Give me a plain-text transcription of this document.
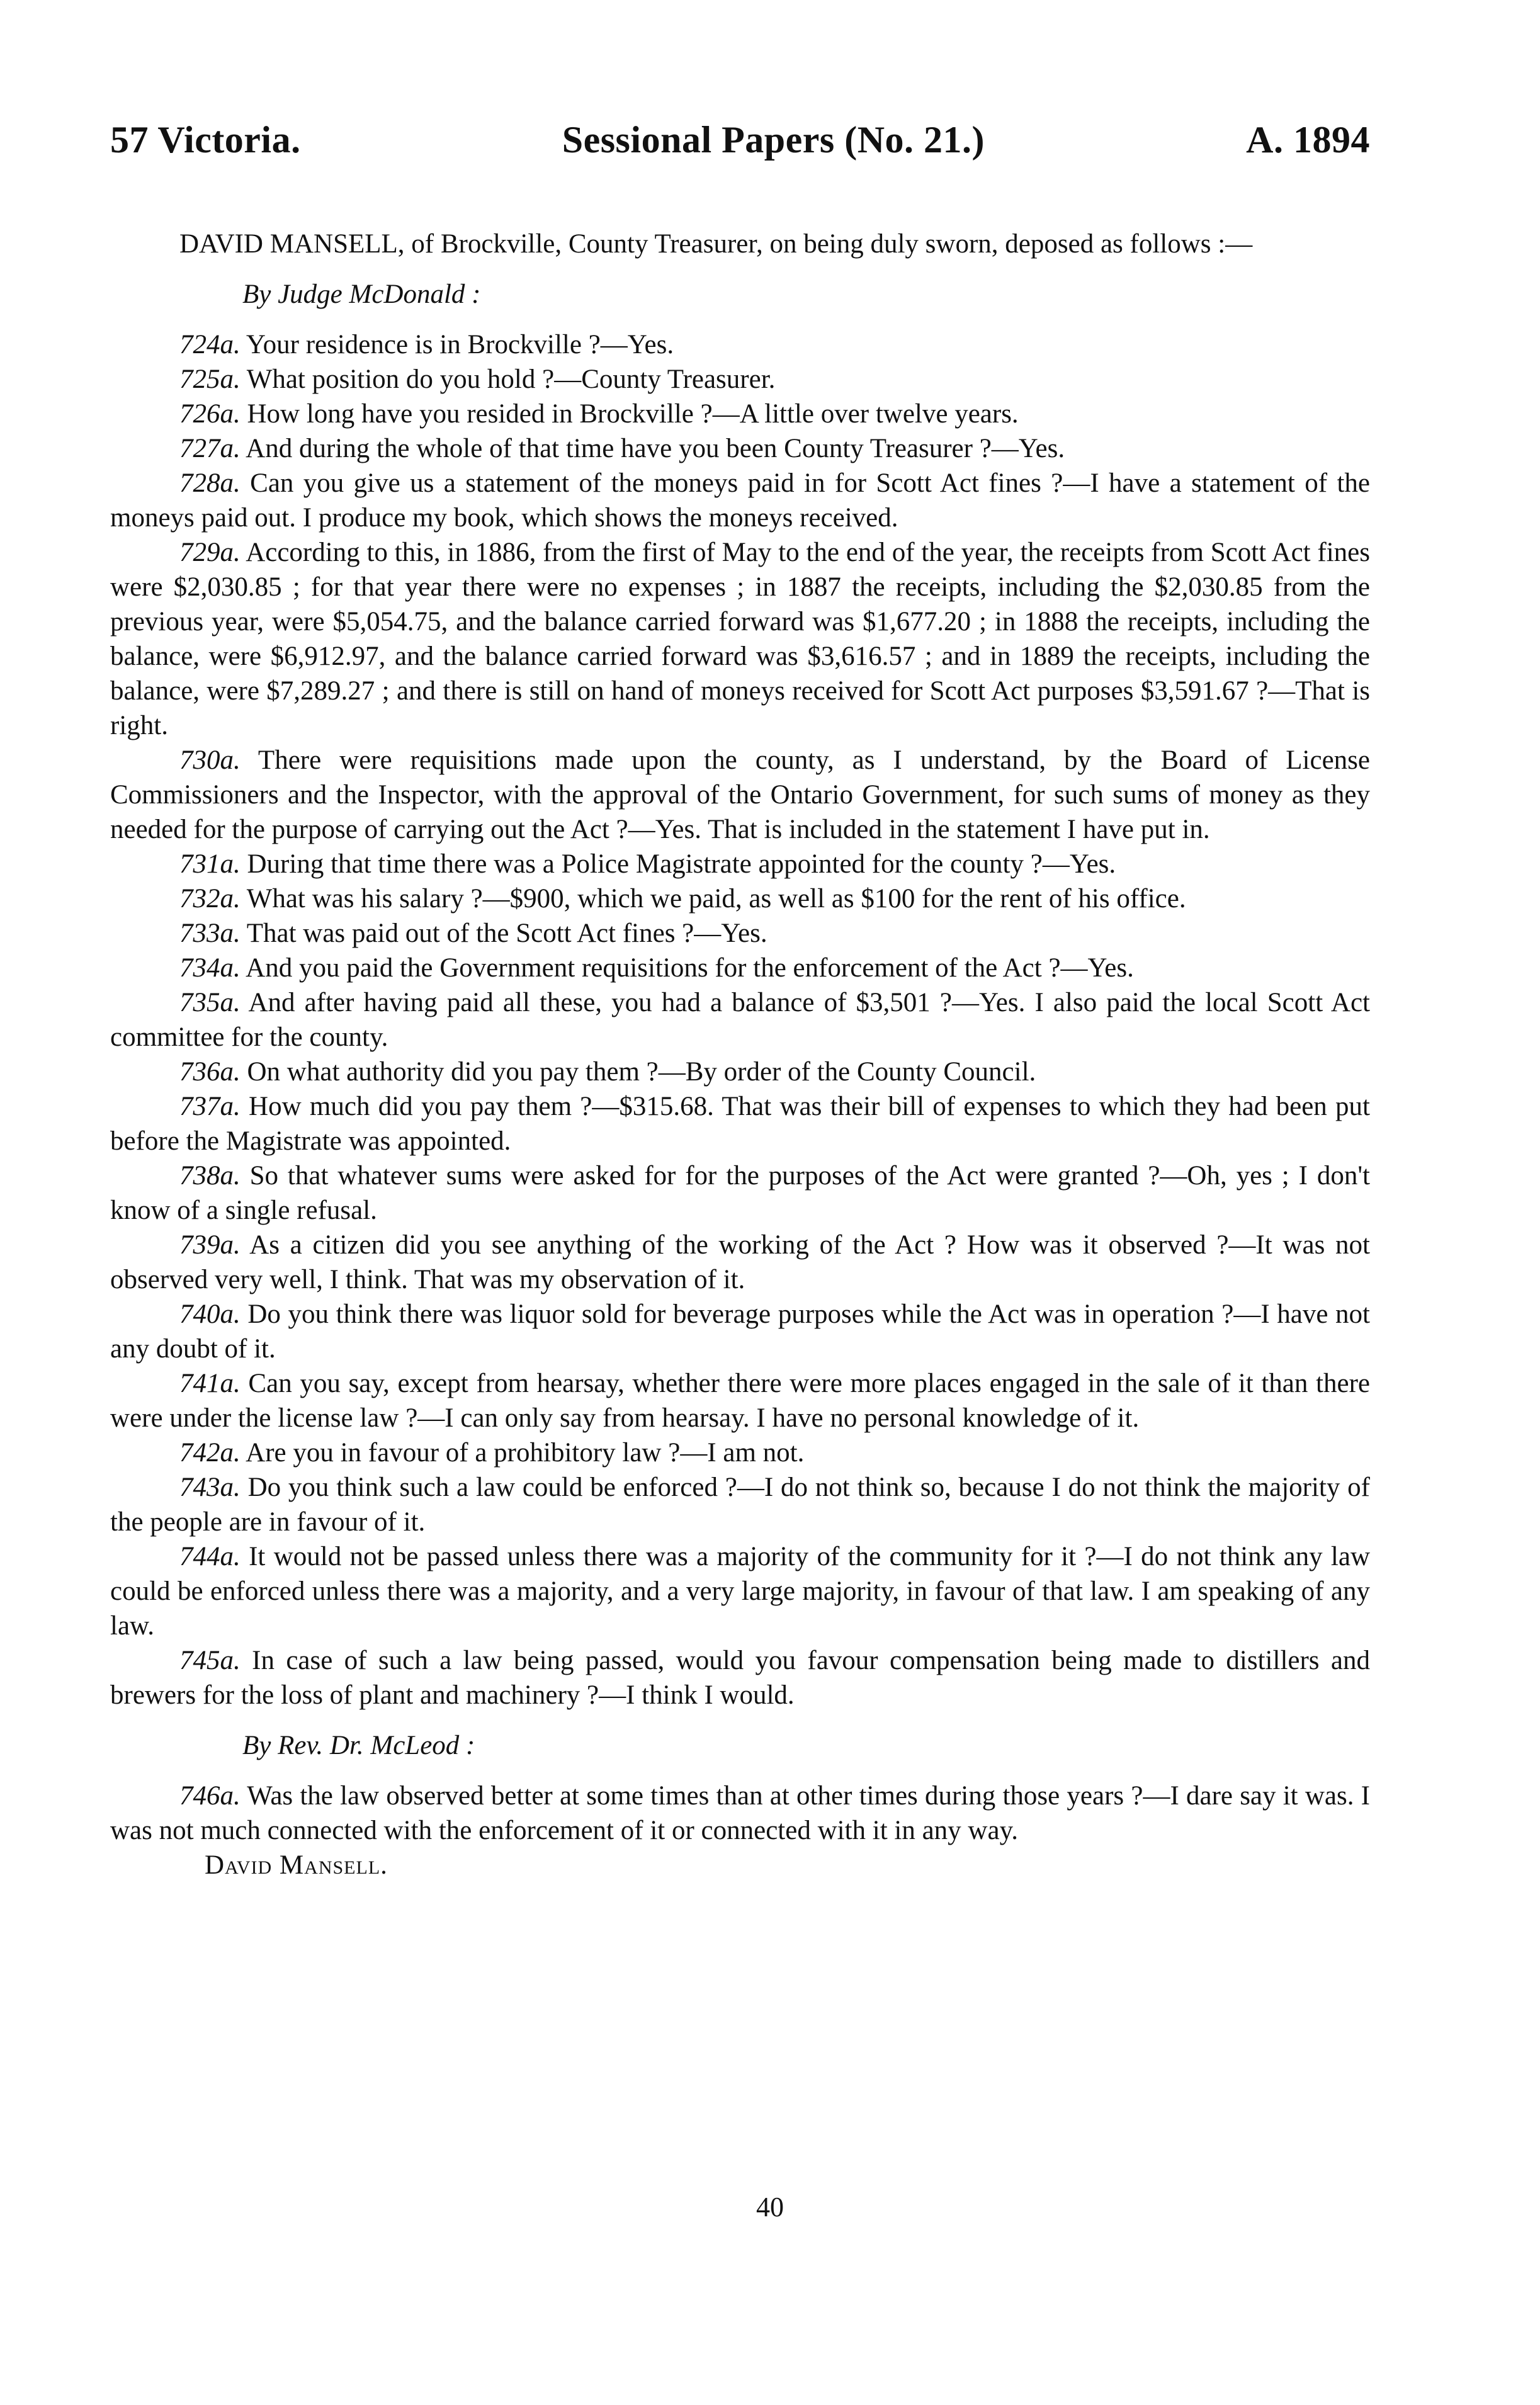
57 Victoria.	Sessional Papers (No. 21.)	A. 1894

DAVID MANSELL, of Brockville, County Treasurer, on being duly sworn, deposed as follows :—

By Judge McDonald :

724a. Your residence is in Brockville ?—Yes.

725a. What position do you hold ?—County Treasurer.

726a. How long have you resided in Brockville ?—A little over twelve years.

727a. And during the whole of that time have you been County Treasurer ?—Yes.

728a. Can you give us a statement of the moneys paid in for Scott Act fines ?—I have a statement of the moneys paid out. I produce my book, which shows the moneys received.

729a. According to this, in 1886, from the first of May to the end of the year, the receipts from Scott Act fines were $2,030.85 ; for that year there were no expenses ; in 1887 the receipts, including the $2,030.85 from the previous year, were $5,054.75, and the balance carried forward was $1,677.20 ; in 1888 the receipts, including the balance, were $6,912.97, and the balance carried forward was $3,616.57 ; and in 1889 the receipts, including the balance, were $7,289.27 ; and there is still on hand of moneys received for Scott Act purposes $3,591.67 ?—That is right.

730a. There were requisitions made upon the county, as I understand, by the Board of License Commissioners and the Inspector, with the approval of the Ontario Government, for such sums of money as they needed for the purpose of carrying out the Act ?—Yes. That is included in the statement I have put in.

731a. During that time there was a Police Magistrate appointed for the county ?—Yes.

732a. What was his salary ?—$900, which we paid, as well as $100 for the rent of his office.

733a. That was paid out of the Scott Act fines ?—Yes.

734a. And you paid the Government requisitions for the enforcement of the Act ?—Yes.

735a. And after having paid all these, you had a balance of $3,501 ?—Yes. I also paid the local Scott Act committee for the county.

736a. On what authority did you pay them ?—By order of the County Council.

737a. How much did you pay them ?—$315.68. That was their bill of expenses to which they had been put before the Magistrate was appointed.

738a. So that whatever sums were asked for for the purposes of the Act were granted ?—Oh, yes ; I don't know of a single refusal.

739a. As a citizen did you see anything of the working of the Act ? How was it observed ?—It was not observed very well, I think. That was my observation of it.

740a. Do you think there was liquor sold for beverage purposes while the Act was in operation ?—I have not any doubt of it.

741a. Can you say, except from hearsay, whether there were more places engaged in the sale of it than there were under the license law ?—I can only say from hearsay. I have no personal knowledge of it.

742a. Are you in favour of a prohibitory law ?—I am not.

743a. Do you think such a law could be enforced ?—I do not think so, because I do not think the majority of the people are in favour of it.

744a. It would not be passed unless there was a majority of the community for it ?—I do not think any law could be enforced unless there was a majority, and a very large majority, in favour of that law. I am speaking of any law.

745a. In case of such a law being passed, would you favour compensation being made to distillers and brewers for the loss of plant and machinery ?—I think I would.

By Rev. Dr. McLeod :

746a. Was the law observed better at some times than at other times during those years ?—I dare say it was. I was not much connected with the enforcement of it or connected with it in any way.

David Mansell.

40
